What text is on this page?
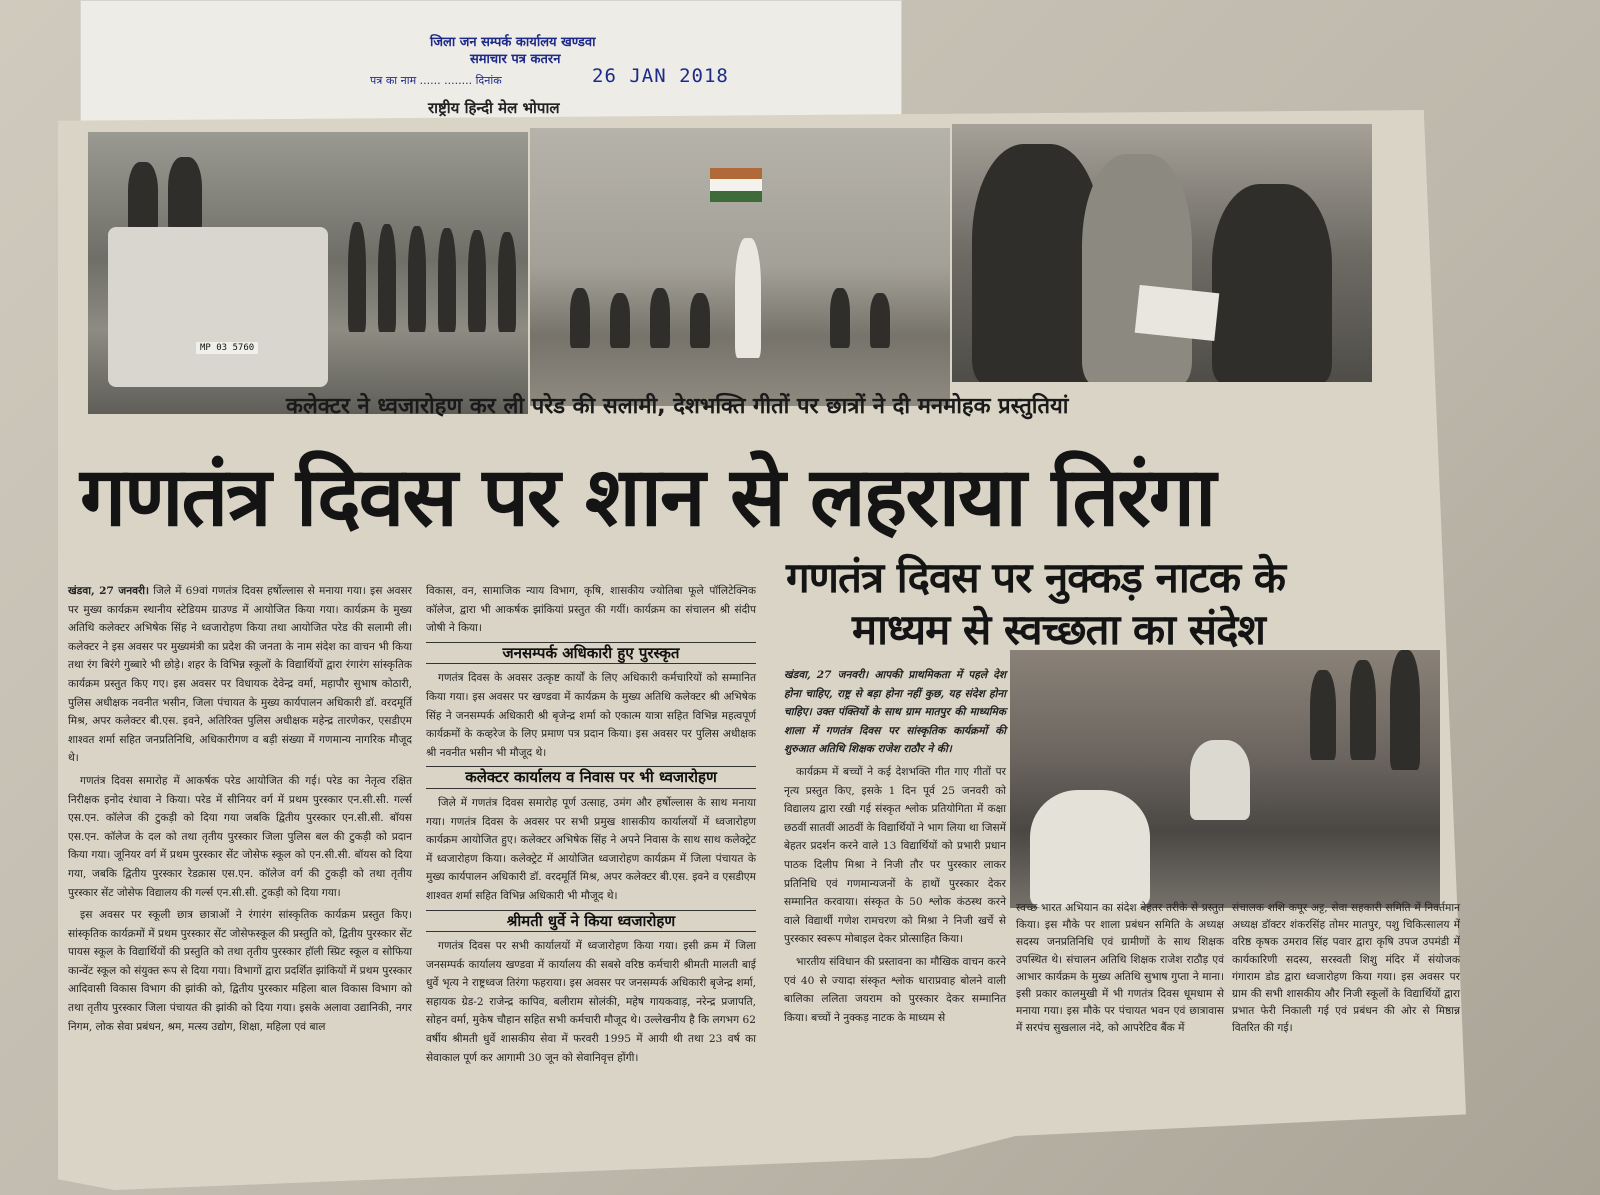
जिला जन सम्पर्क कार्यालय खण्डवा
समाचार पत्र कतरन
पत्र का नाम ...... ........ दिनांक	26 JAN 2018
राष्ट्रीय हिन्दी मेल भोपाल
MP 03 5760
कलेक्टर ने ध्वजारोहण कर ली परेड की सलामी, देशभक्ति गीतों पर छात्रों ने दी मनमोहक प्रस्तुतियां
गणतंत्र दिवस पर शान से लहराया तिरंगा
गणतंत्र दिवस पर नुक्कड़ नाटक के
माध्यम से स्वच्छता का संदेश

खंडवा, 27 जनवरी। जिले में 69वां गणतंत्र दिवस हर्षोल्लास से मनाया गया। इस अवसर पर मुख्य कार्यक्रम स्थानीय स्टेडियम ग्राउण्ड में आयोजित किया गया। कार्यक्रम के मुख्य अतिथि कलेक्टर अभिषेक सिंह ने ध्वजारोहण किया तथा आयोजित परेड की सलामी ली। कलेक्टर ने इस अवसर पर मुख्यमंत्री का प्रदेश की जनता के नाम संदेश का वाचन भी किया तथा रंग बिरंगे गुब्बारे भी छोड़े। शहर के विभिन्न स्कूलों के विद्यार्थियों द्वारा रंगारंग सांस्कृतिक कार्यक्रम प्रस्तुत किए गए। इस अवसर पर विधायक देवेन्द्र वर्मा, महापौर सुभाष कोठारी, पुलिस अधीक्षक नवनीत भसीन, जिला पंचायत के मुख्य कार्यपालन अधिकारी डॉ. वरदमूर्ति मिश्र, अपर कलेक्टर बी.एस. इवने, अतिरिक्त पुलिस अधीक्षक महेन्द्र तारणेकर, एसडीएम शाश्वत शर्मा सहित जनप्रतिनिधि, अधिकारीगण व बड़ी संख्या में गणमान्य नागरिक मौजूद थे।

गणतंत्र दिवस समारोह में आकर्षक परेड आयोजित की गई। परेड का नेतृत्व रक्षित निरीक्षक इनोद रंधावा ने किया। परेड में सीनियर वर्ग में प्रथम पुरस्कार एन.सी.सी. गर्ल्स एस.एन. कॉलेज की टुकड़ी को दिया गया जबकि द्वितीय पुरस्कार एन.सी.सी. बॉयस एस.एन. कॉलेज के दल को तथा तृतीय पुरस्कार जिला पुलिस बल की टुकड़ी को प्रदान किया गया। जूनियर वर्ग में प्रथम पुरस्कार सेंट जोसेफ स्कूल को एन.सी.सी. बॉयस को दिया गया, जबकि द्वितीय पुरस्कार रेडक्रास एस.एन. कॉलेज वर्ग की टुकड़ी को तथा तृतीय पुरस्कार सेंट जोसेफ विद्यालय की गर्ल्स एन.सी.सी. टुकड़ी को दिया गया।

इस अवसर पर स्कूली छात्र छात्राओं ने रंगारंग सांस्कृतिक कार्यक्रम प्रस्तुत किए। सांस्कृतिक कार्यक्रमों में प्रथम पुरस्कार सेंट जोसेफस्कूल की प्रस्तुति को, द्वितीय पुरस्कार सेंट पायस स्कूल के विद्यार्थियों की प्रस्तुति को तथा तृतीय पुरस्कार हॉली स्प्रिट स्कूल व सोफिया कान्वेंट स्कूल को संयुक्त रूप से दिया गया। विभागों द्वारा प्रदर्शित झांकियों में प्रथम पुरस्कार आदिवासी विकास विभाग की झांकी को, द्वितीय पुरस्कार महिला बाल विकास विभाग को तथा तृतीय पुरस्कार जिला पंचायत की झांकी को दिया गया। इसके अलावा उद्यानिकी, नगर निगम, लोक सेवा प्रबंधन, श्रम, मत्स्य उद्योग, शिक्षा, महिला एवं बाल

विकास, वन, सामाजिक न्याय विभाग, कृषि, शासकीय ज्योतिबा फूले पॉलिटेक्निक कॉलेज, द्वारा भी आकर्षक झांकियां प्रस्तुत की गयीं। कार्यक्रम का संचालन श्री संदीप जोषी ने किया।

जनसम्पर्क अधिकारी हुए पुरस्कृत

गणतंत्र दिवस के अवसर उत्कृष्ट कार्यों के लिए अधिकारी कर्मचारियों को सम्मानित किया गया। इस अवसर पर खण्डवा में कार्यक्रम के मुख्य अतिथि कलेक्टर श्री अभिषेक सिंह ने जनसम्पर्क अधिकारी श्री बृजेन्द्र शर्मा को एकात्म यात्रा सहित विभिन्न महत्वपूर्ण कार्यक्रमों के कव्हरेज के लिए प्रमाण पत्र प्रदान किया। इस अवसर पर पुलिस अधीक्षक श्री नवनीत भसीन भी मौजूद थे।

कलेक्टर कार्यालय व निवास पर भी ध्वजारोहण

जिले में गणतंत्र दिवस समारोह पूर्ण उत्साह, उमंग और हर्षोल्लास के साथ मनाया गया। गणतंत्र दिवस के अवसर पर सभी प्रमुख शासकीय कार्यालयों में ध्वजारोहण कार्यक्रम आयोजित हुए। कलेक्टर अभिषेक सिंह ने अपने निवास के साथ साथ कलेक्ट्रेट में ध्वजारोहण किया। कलेक्ट्रेट में आयोजित ध्वजारोहण कार्यक्रम में जिला पंचायत के मुख्य कार्यपालन अधिकारी डॉ. वरदमूर्ति मिश्र, अपर कलेक्टर बी.एस. इवने व एसडीएम शाश्वत शर्मा सहित विभिन्न अधिकारी भी मौजूद थे।

श्रीमती धुर्वे ने किया ध्वजारोहण

गणतंत्र दिवस पर सभी कार्यालयों में ध्वजारोहण किया गया। इसी क्रम में जिला जनसम्पर्क कार्यालय खण्डवा में कार्यालय की सबसे वरिष्ठ कर्मचारी श्रीमती मालती बाई धुर्वे भृत्य ने राष्ट्रध्वज तिरंगा फहराया। इस अवसर पर जनसम्पर्क अधिकारी बृजेन्द्र शर्मा, सहायक ग्रेड-2 राजेन्द्र कापिव, बलीराम सोलंकी, महेष गायकवाड़, नरेन्द्र प्रजापति, सोहन वर्मा, मुकेष चौहान सहित सभी कर्मचारी मौजूद थे। उल्लेखनीय है कि लगभग 62 वर्षीय श्रीमती धुर्वे शासकीय सेवा में फरवरी 1995 में आयी थी तथा 23 वर्ष का सेवाकाल पूर्ण कर आगामी 30 जून को सेवानिवृत्त होंगी।

खंडवा, 27 जनवरी। आपकी प्राथमिकता में पहले देश होना चाहिए, राष्ट्र से बड़ा होना नहीं कुछ, यह संदेश होना चाहिए। उक्त पंक्तियों के साथ ग्राम मातपुर की माध्यमिक शाला में गणतंत्र दिवस पर सांस्कृतिक कार्यक्रमों की शुरुआत अतिथि शिक्षक राजेश राठौर ने की।

कार्यक्रम में बच्चों ने कई देशभक्ति गीत गाए गीतों पर नृत्य प्रस्तुत किए, इसके 1 दिन पूर्व 25 जनवरी को विद्यालय द्वारा रखी गई संस्कृत श्लोक प्रतियोगिता में कक्षा छठवीं सातवीं आठवीं के विद्यार्थियों ने भाग लिया था जिसमें बेहतर प्रदर्शन करने वाले 13 विद्यार्थियों को प्रभारी प्रधान पाठक दिलीप मिश्रा ने निजी तौर पर पुरस्कार लाकर प्रतिनिधि एवं गणमान्यजनों के हाथों पुरस्कार देकर सम्मानित करवाया। संस्कृत के 50 श्लोक कंठस्थ करने वाले विद्यार्थी गणेश रामचरण को मिश्रा ने निजी खर्चे से पुरस्कार स्वरूप मोबाइल देकर प्रोत्साहित किया।

भारतीय संविधान की प्रस्तावना का मौखिक वाचन करने एवं 40 से ज्यादा संस्कृत श्लोक धाराप्रवाह बोलने वाली बालिका ललिता जयराम को पुरस्कार देकर सम्मानित किया। बच्चों ने नुक्कड़ नाटक के माध्यम से

स्वच्छ भारत अभियान का संदेश बेहतर तरीके से प्रस्तुत किया। इस मौके पर शाला प्रबंधन समिति के अध्यक्ष सदस्य जनप्रतिनिधि एवं ग्रामीणों के साथ शिक्षक उपस्थित थे। संचालन अतिथि शिक्षक राजेश राठौड़ एवं आभार कार्यक्रम के मुख्य अतिथि सुभाष गुप्ता ने माना। इसी प्रकार कालमुखी में भी गणतंत्र दिवस धूमधाम से मनाया गया। इस मौके पर पंचायत भवन एवं छात्रावास में सरपंच सुखलाल नंदे, को आपरेटिव बैंक में

संचालक शशि कपूर अट्ट, सेवा सहकारी समिति में निवर्तमान अध्यक्ष डॉक्टर शंकरसिंह तोमर मातपुर, पशु चिकित्सालय में वरिष्ठ कृषक उमराव सिंह पवार द्वारा कृषि उपज उपमंडी में कार्यकारिणी सदस्य, सरस्वती शिशु मंदिर में संयोजक गंगाराम डोड द्वारा ध्वजारोहण किया गया। इस अवसर पर ग्राम की सभी शासकीय और निजी स्कूलों के विद्यार्थियों द्वारा प्रभात फेरी निकाली गई एवं प्रबंधन की ओर से मिष्ठान्न वितरित की गई।
